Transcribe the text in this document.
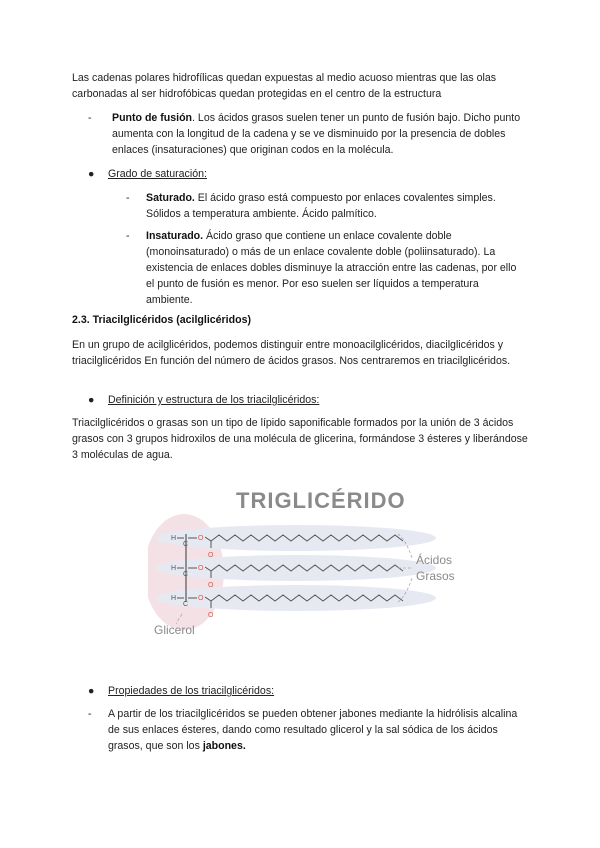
Las cadenas polares hidrofílicas quedan expuestas al medio acuoso mientras que las olas carbonadas al ser hidrofóbicas quedan protegidas en el centro de la estructura
- Punto de fusión. Los ácidos grasos suelen tener un punto de fusión bajo. Dicho punto aumenta con la longitud de la cadena y se ve disminuido por la presencia de dobles enlaces (insaturaciones) que originan codos en la molécula.
● Grado de saturación:
- Saturado. El ácido graso está compuesto por enlaces covalentes simples. Sólidos a temperatura ambiente. Ácido palmítico.
- Insaturado. Ácido graso que contiene un enlace covalente doble (monoinsaturado) o más de un enlace covalente doble (poliinsaturado). La existencia de enlaces dobles disminuye la atracción entre las cadenas, por ello el punto de fusión es menor. Por eso suelen ser líquidos a temperatura ambiente.
2.3. Triacilglicéridos (acilglicéridos)
En un grupo de acilglicéridos, podemos distinguir entre monoacilglicéridos, diacilglicéridos y triacilglicéridos En función del número de ácidos grasos. Nos centraremos en triacilglicéridos.
● Definición y estructura de los triacilglicéridos:
Triacilglicéridos o grasas son un tipo de lípido saponificable formados por la unión de 3 ácidos grasos con 3 grupos hidroxilos de una molécula de glicerina, formándose 3 ésteres y liberándose 3 moléculas de agua.
TRIGLICÉRIDO
H
H
H
C
C
C
O
O
O
O
O
O
Ácidos
Grasos
Glicerol
● Propiedades de los triacilglicéridos:
- A partir de los triacilglicéridos se pueden obtener jabones mediante la hidrólisis alcalina de sus enlaces ésteres, dando como resultado glicerol y la sal sódica de los ácidos grasos, que son los jabones.
